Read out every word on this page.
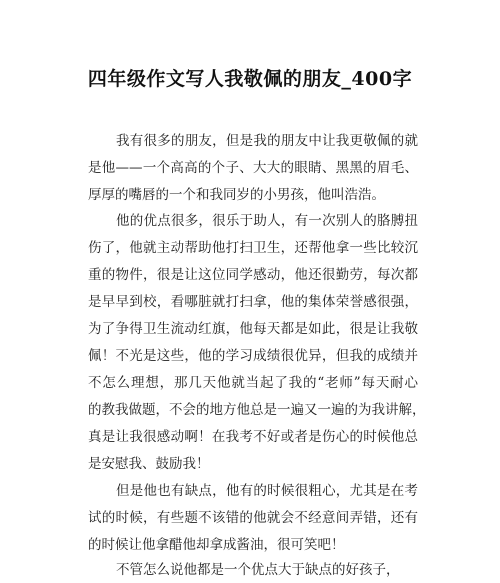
四年级作文写人我敬佩的朋友_400字
我有很多的朋友，但是我的朋友中让我更敬佩的就
是他——一个高高的个子、大大的眼睛、黑黑的眉毛、
厚厚的嘴唇的一个和我同岁的小男孩，他叫浩浩。
他的优点很多，很乐于助人，有一次别人的胳膊扭
伤了，他就主动帮助他打扫卫生，还帮他拿一些比较沉
重的物件，很是让这位同学感动，他还很勤劳，每次都
是早早到校，看哪脏就打扫拿，他的集体荣誉感很强，
为了争得卫生流动红旗，他每天都是如此，很是让我敬
佩！不光是这些，他的学习成绩很优异，但我的成绩并
不怎么理想，那几天他就当起了我的“老师”每天耐心
的教我做题，不会的地方他总是一遍又一遍的为我讲解，
真是让我很感动啊！在我考不好或者是伤心的时候他总
是安慰我、鼓励我！
但是他也有缺点，他有的时候很粗心，尤其是在考
试的时候，有些题不该错的他就会不经意间弄错，还有
的时候让他拿醋他却拿成酱油，很可笑吧！
不管怎么说他都是一个优点大于缺点的好孩子，
